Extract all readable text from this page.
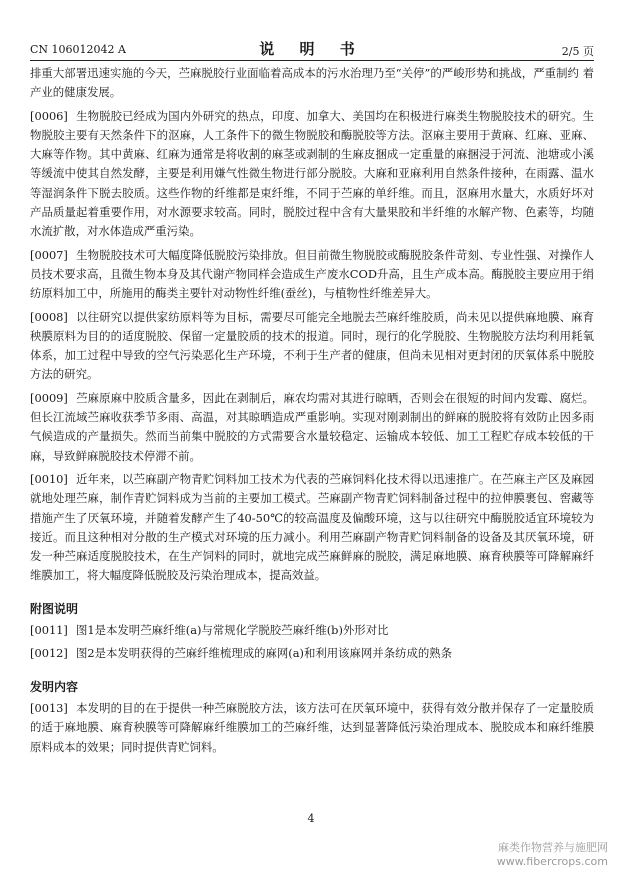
CN 106012042 A	说 明 书	2/5 页

排重大部署迅速实施的今天，苎麻脱胶行业面临着高成本的污水治理乃至“关停”的严峻形势和挑战，严重制约 着产业的健康发展。

[0006] 生物脱胶已经成为国内外研究的热点，印度、加拿大、美国均在积极进行麻类生物脱胶技术的研究。生物脱胶主要有天然条件下的沤麻，人工条件下的微生物脱胶和酶脱胶等方法。沤麻主要用于黄麻、红麻、亚麻、大麻等作物。其中黄麻、红麻为通常是将收割的麻茎或剥制的生麻皮捆成一定重量的麻捆浸于河流、池塘或小溪等缓流中使其自然发酵，主要是利用嫌气性微生物进行部分脱胶。大麻和亚麻利用自然条件接种，在雨露、温水等湿润条件下脱去胶质。这些作物的纤维都是束纤维，不同于苎麻的单纤维。而且，沤麻用水量大，水质好坏对产品质量起着重要作用，对水源要求较高。同时，脱胶过程中含有大量果胶和半纤维的水解产物、色素等，均随水流扩散，对水体造成严重污染。

[0007] 生物脱胶技术可大幅度降低脱胶污染排放。但目前微生物脱胶或酶脱胶条件苛刻、专业性强、对操作人员技术要求高，且微生物本身及其代谢产物同样会造成生产废水COD升高，且生产成本高。酶脱胶主要应用于绢纺原料加工中，所施用的酶类主要针对动物性纤维(蚕丝)，与植物性纤维差异大。

[0008] 以往研究以提供家纺原料等为目标，需要尽可能完全地脱去苎麻纤维胶质，尚未见以提供麻地膜、麻育秧膜原料为目的的适度脱胶、保留一定量胶质的技术的报道。同时，现行的化学脱胶、生物脱胶方法均利用耗氧体系，加工过程中导致的空气污染恶化生产环境，不利于生产者的健康，但尚未见相对更封闭的厌氧体系中脱胶方法的研究。

[0009] 苎麻原麻中胶质含量多，因此在剥制后，麻农均需对其进行晾晒，否则会在很短的时间内发霉、腐烂。但长江流域苎麻收获季节多雨、高温，对其晾晒造成严重影响。实现对刚剥制出的鲜麻的脱胶将有效防止因多雨气候造成的产量损失。然而当前集中脱胶的方式需要含水量较稳定、运输成本较低、加工工程贮存成本较低的干麻，导致鲜麻脱胶技术停滞不前。

[0010] 近年来，以苎麻副产物青贮饲料加工技术为代表的苎麻饲料化技术得以迅速推广。在苎麻主产区及麻园就地处理苎麻，制作青贮饲料成为当前的主要加工模式。苎麻副产物青贮饲料制备过程中的拉伸膜裹包、窖藏等措施产生了厌氧环境，并随着发酵产生了40-50℃的较高温度及偏酸环境，这与以往研究中酶脱胶适宜环境较为接近。而且这种相对分散的生产模式对环境的压力减小。利用苎麻副产物青贮饲料制备的设备及其厌氧环境，研发一种苎麻适度脱胶技术，在生产饲料的同时，就地完成苎麻鲜麻的脱胶，满足麻地膜、麻育秧膜等可降解麻纤维膜加工，将大幅度降低脱胶及污染治理成本，提高效益。

附图说明

[0011] 图1是本发明苎麻纤维(a)与常规化学脱胶苎麻纤维(b)外形对比

[0012] 图2是本发明获得的苎麻纤维梳理成的麻网(a)和利用该麻网并条纺成的熟条

发明内容

[0013] 本发明的目的在于提供一种苎麻脱胶方法，该方法可在厌氧环境中，获得有效分散并保存了一定量胶质的适于麻地膜、麻育秧膜等可降解麻纤维膜加工的苎麻纤维，达到显著降低污染治理成本、脱胶成本和麻纤维膜原料成本的效果；同时提供青贮饲料。

4
麻类作物营养与施肥网
www.fibercrops.com
